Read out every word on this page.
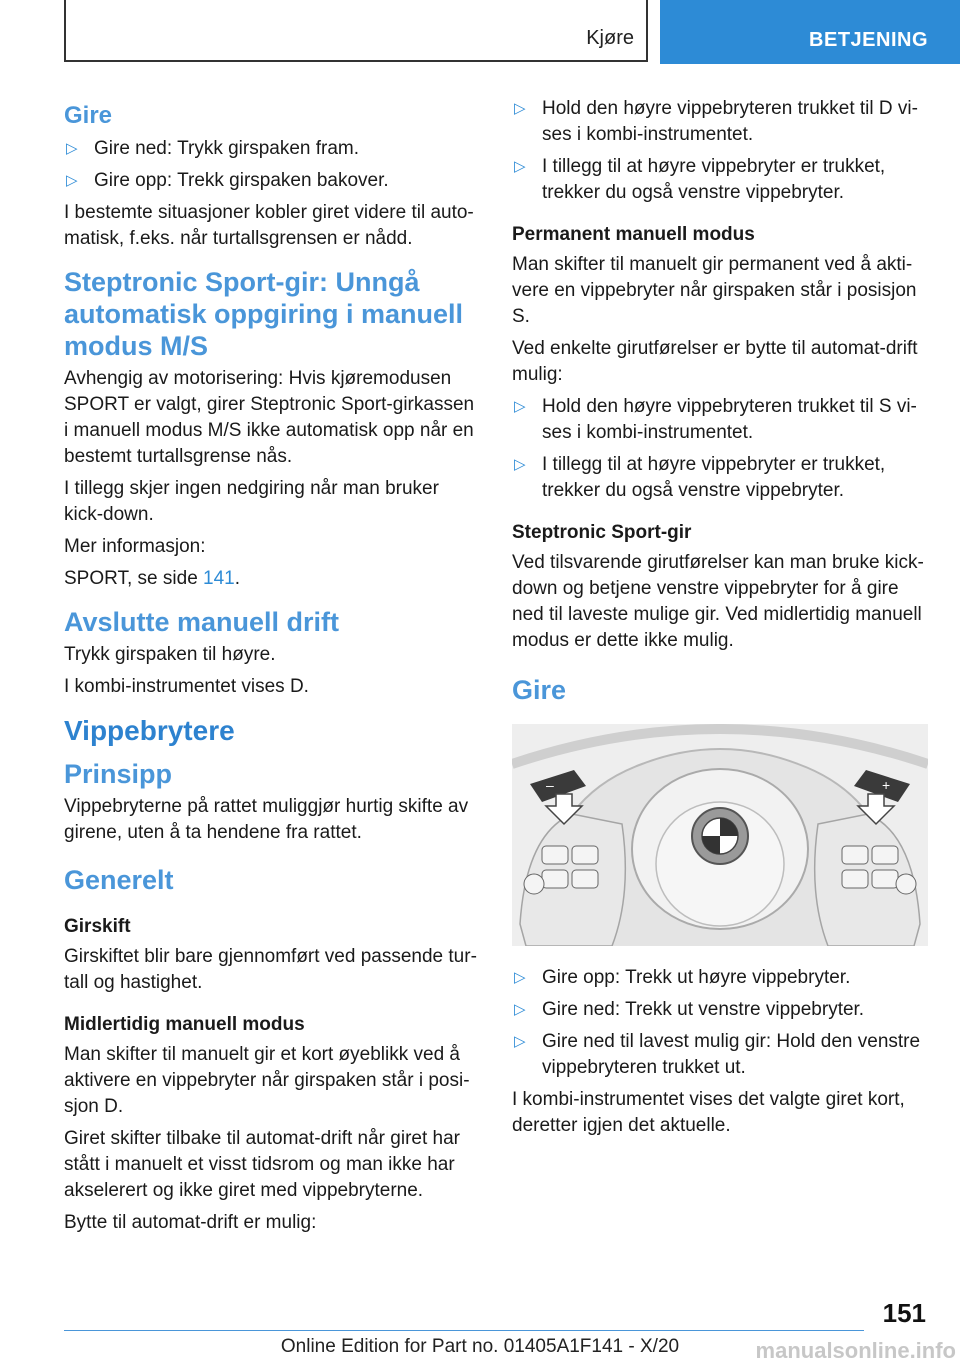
Kjøre	BETJENING
Gire
▷ Gire ned: Trykk girspaken fram.
▷ Gire opp: Trekk girspaken bakover.

I bestemte situasjoner kobler giret videre til auto‐matisk, f.eks. når turtallsgrensen er nådd.

Steptronic Sport-gir: Unngå automatisk oppgiring i manuell modus M/S

Avhengig av motorisering: Hvis kjøremodusen SPORT er valgt, girer Steptronic Sport-girkassen i manuell modus M/S ikke automatisk opp når en bestemt turtallsgrense nås.

I tillegg skjer ingen nedgiring når man bruker kick-down.

Mer informasjon:

SPORT, se side 141.

Avslutte manuell drift

Trykk girspaken til høyre.

I kombi-instrumentet vises D.

Vippebrytere
Prinsipp

Vippebryterne på rattet muliggjør hurtig skifte av girene, uten å ta hendene fra rattet.

Generelt
Girskift

Girskiftet blir bare gjennomført ved passende tur‐tall og hastighet.

Midlertidig manuell modus

Man skifter til manuelt gir et kort øyeblikk ved å aktivere en vippebryter når girspaken står i posi‐sjon D.

Giret skifter tilbake til automat-drift når giret har stått i manuelt et visst tidsrom og man ikke har akselerert og ikke giret med vippebryterne.

Bytte til automat-drift er mulig:

▷ Hold den høyre vippebryteren trukket til D vi‐ses i kombi-instrumentet.
▷ I tillegg til at høyre vippebryter er trukket, trekker du også venstre vippebryter.
Permanent manuell modus

Man skifter til manuelt gir permanent ved å akti‐vere en vippebryter når girspaken står i posisjon S.

Ved enkelte girutførelser er bytte til automat-drift mulig:

▷ Hold den høyre vippebryteren trukket til S vi‐ses i kombi-instrumentet.
▷ I tillegg til at høyre vippebryter er trukket, trekker du også venstre vippebryter.
Steptronic Sport-gir

Ved tilsvarende girutførelser kan man bruke kick-down og betjene venstre vippebryter for å gire ned til laveste mulige gir. Ved midlertidig manuell modus er dette ikke mulig.

Gire
–	+
▷ Gire opp: Trekk ut høyre vippebryter.
▷ Gire ned: Trekk ut venstre vippebryter.
▷ Gire ned til lavest mulig gir: Hold den venstre vippebryteren trukket ut.

I kombi-instrumentet vises det valgte giret kort, deretter igjen det aktuelle.

151
Online Edition for Part no. 01405A1F141 - X/20	manualsonline.info
